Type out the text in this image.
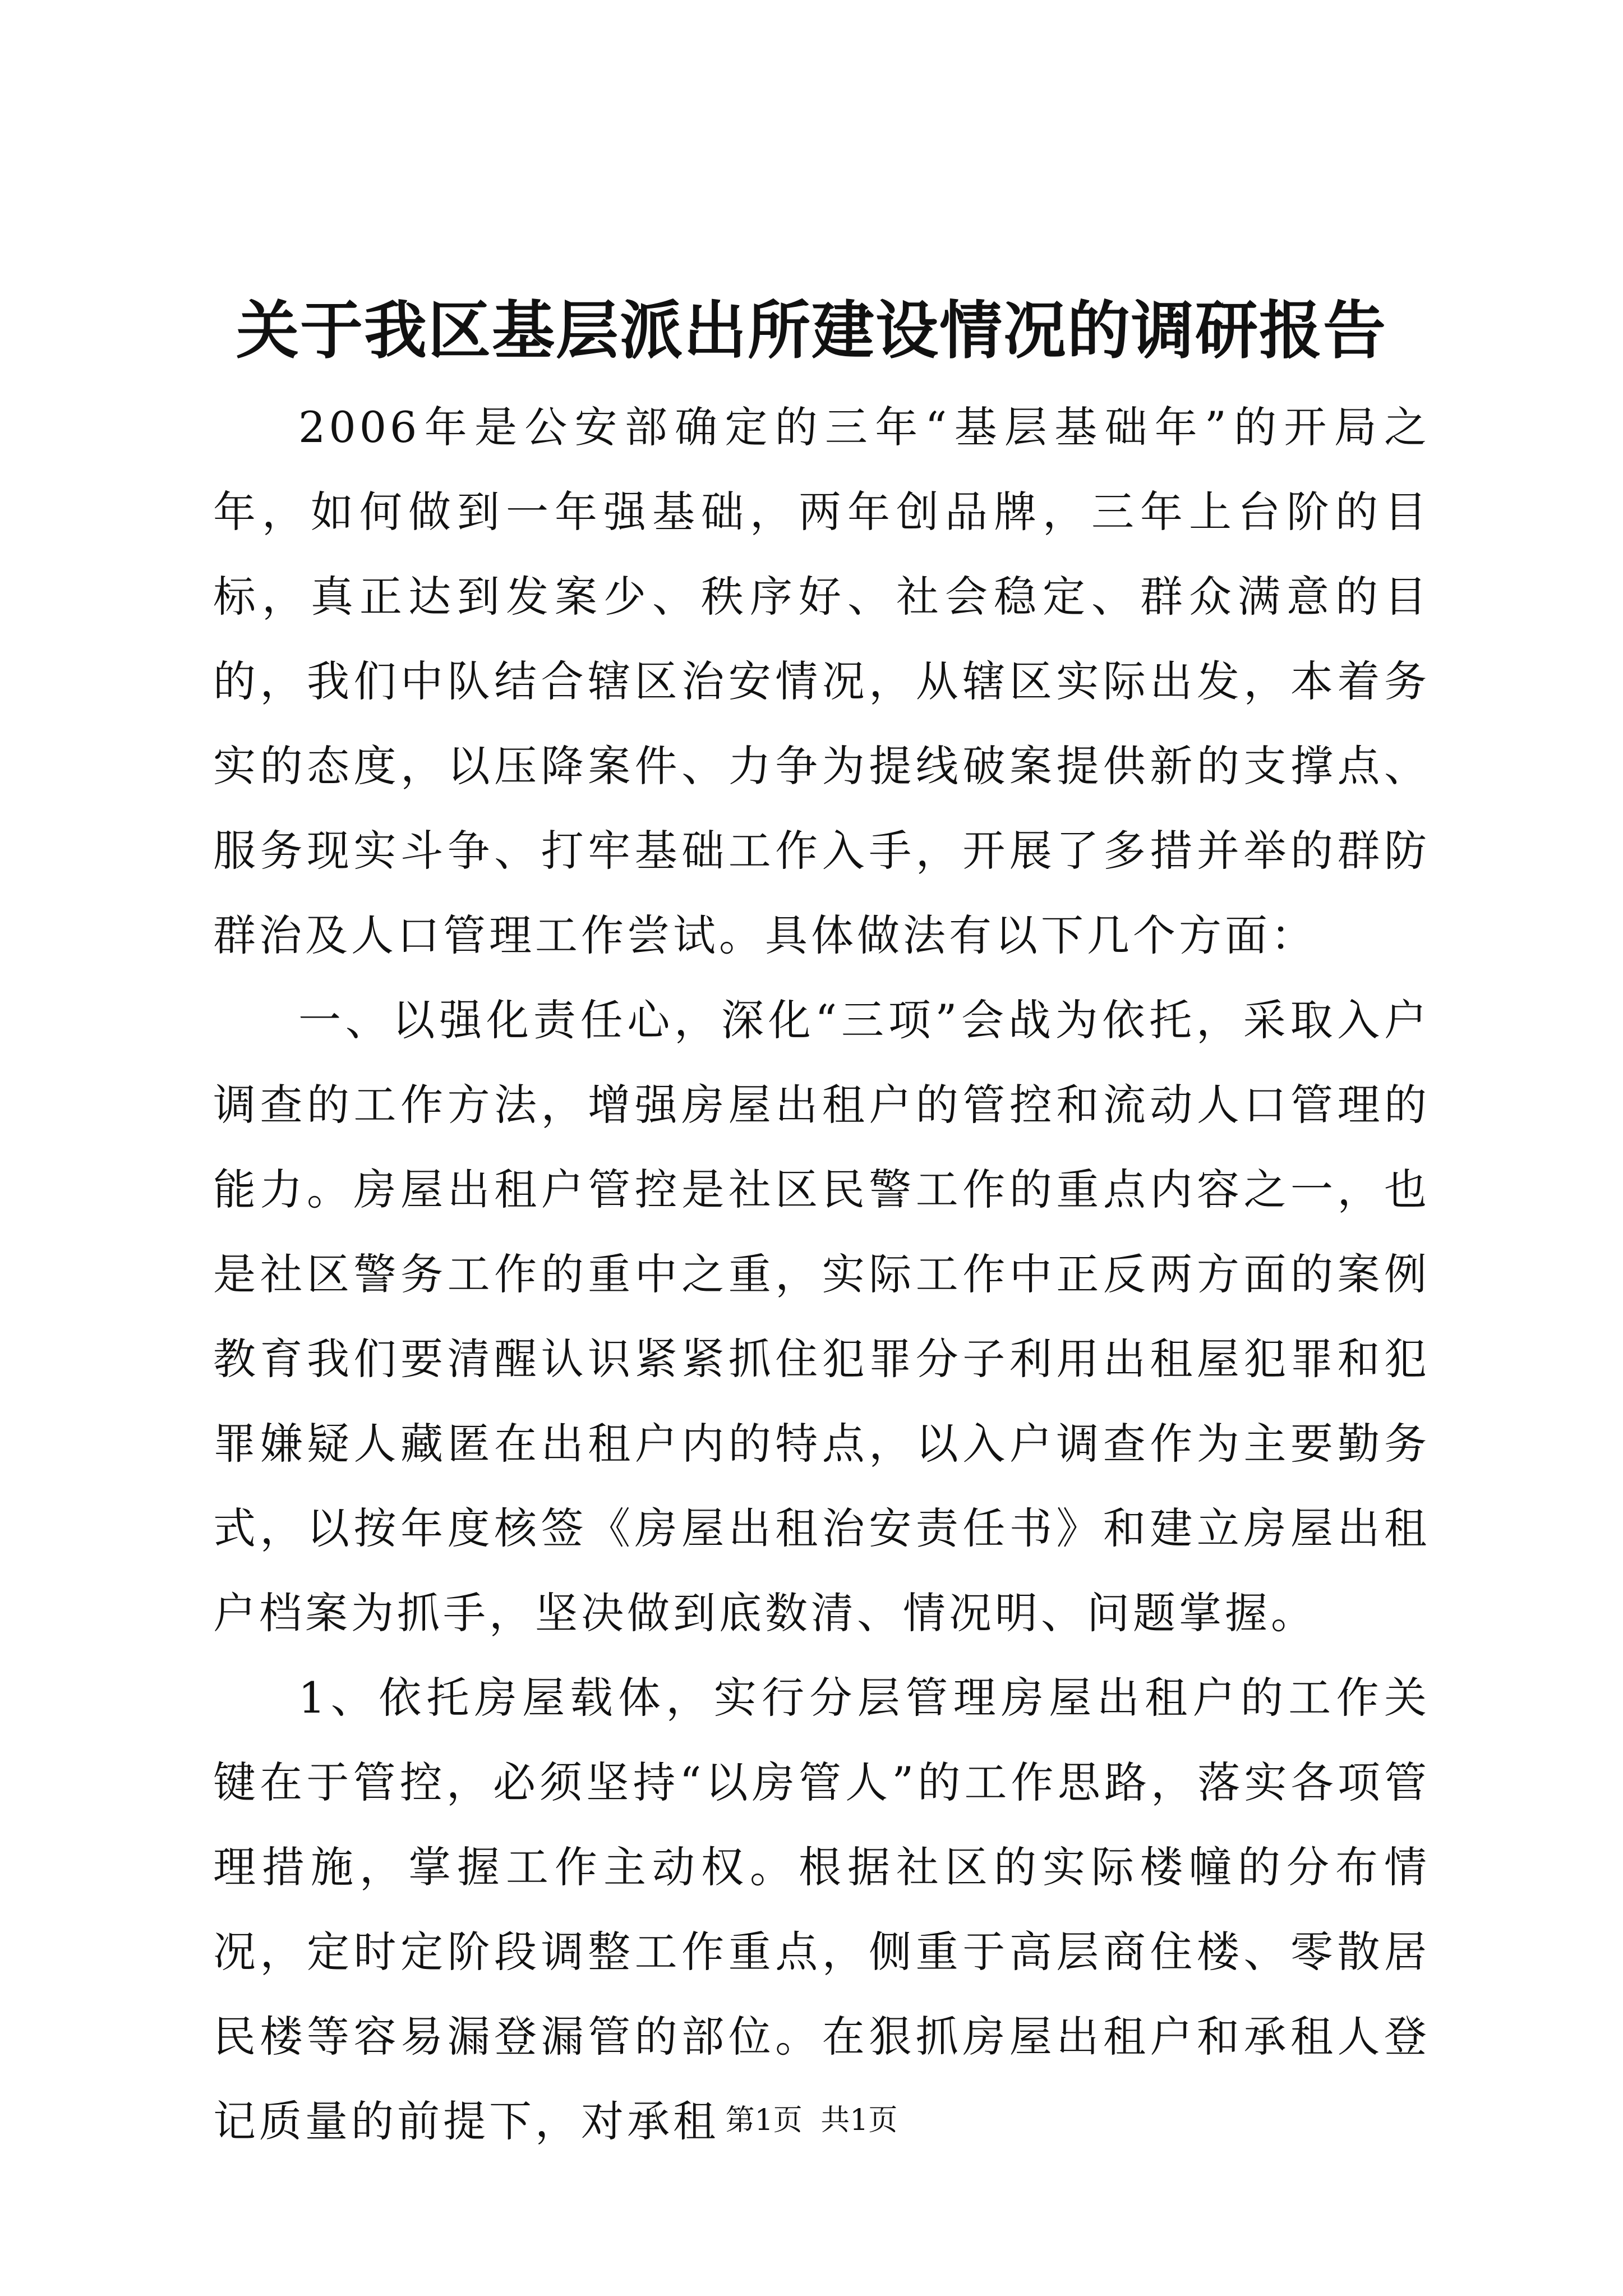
关于我区基层派出所建设情况的调研报告

2006年是公安部确定的三年“基层基础年”的开局之年，如何做到一年强基础，两年创品牌，三年上台阶的目标，真正达到发案少、秩序好、社会稳定、群众满意的目的，我们中队结合辖区治安情况，从辖区实际出发，本着务实的态度，以压降案件、力争为提线破案提供新的支撑点、服务现实斗争、打牢基础工作入手，开展了多措并举的群防群治及人口管理工作尝试。具体做法有以下几个方面：

一、以强化责任心，深化“三项”会战为依托，采取入户调查的工作方法，增强房屋出租户的管控和流动人口管理的能力。房屋出租户管控是社区民警工作的重点内容之一，也是社区警务工作的重中之重，实际工作中正反两方面的案例教育我们要清醒认识紧紧抓住犯罪分子利用出租屋犯罪和犯罪嫌疑人藏匿在出租户内的特点，以入户调查作为主要勤务式，以按年度核签《房屋出租治安责任书》和建立房屋出租户档案为抓手，坚决做到底数清、情况明、问题掌握。

1、依托房屋载体，实行分层管理房屋出租户的工作关键在于管控，必须坚持“以房管人”的工作思路，落实各项管理措施，掌握工作主动权。根据社区的实际楼幢的分布情况，定时定阶段调整工作重点，侧重于高层商住楼、零散居民楼等容易漏登漏管的部位。在狠抓房屋出租户和承租人登记质量的前提下，对承租 第1页 共1页
